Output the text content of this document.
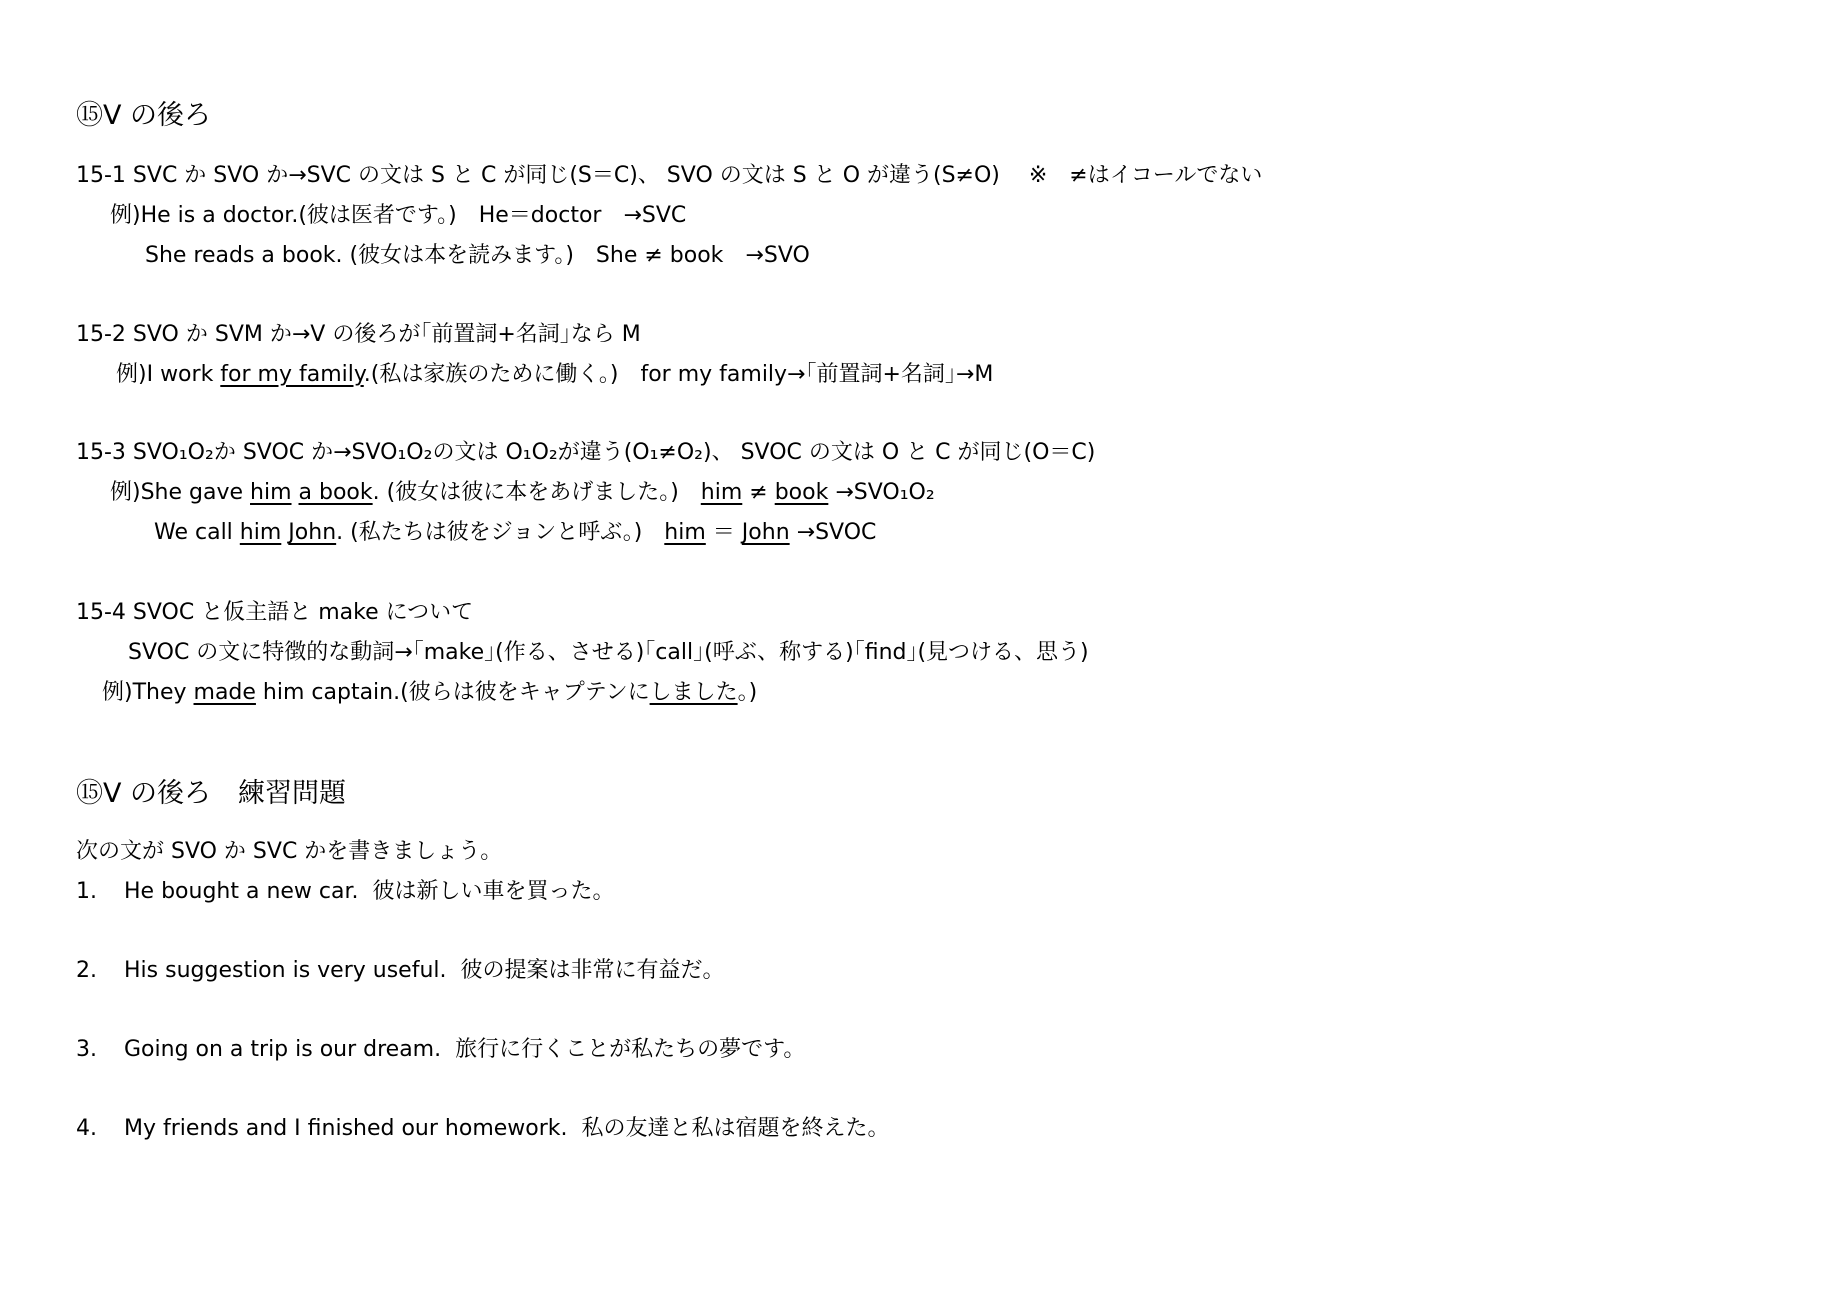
⑮V の後ろ
15-1 SVC か SVO か→SVC の文は S と C が同じ(S＝C)、 SVO の文は S と O が違う(S≠O)　 ※　≠はイコールでない
例)He is a doctor.(彼は医者です。)　He＝doctor　→SVC
She reads a book. (彼女は本を読みます。)　She ≠ book　→SVO
15-2 SVO か SVM か→V の後ろが｢前置詞+名詞｣なら M
例)I work for my family.(私は家族のために働く。)　for my family→｢前置詞+名詞｣→M
15-3 SVO₁O₂か SVOC か→SVO₁O₂の文は O₁O₂が違う(O₁≠O₂)、 SVOC の文は O と C が同じ(O＝C)
例)She gave him a book. (彼女は彼に本をあげました。)　him ≠ book →SVO₁O₂
We call him John. (私たちは彼をジョンと呼ぶ。)　him ＝ John →SVOC
15-4 SVOC と仮主語と make について
SVOC の文に特徴的な動詞→｢make｣(作る、させる)｢call｣(呼ぶ、称する)｢find｣(見つける、思う)
例)They made him captain.(彼らは彼をキャプテンにしました。)
⑮V の後ろ　練習問題
次の文が SVO か SVC かを書きましょう。
1. He bought a new car.  彼は新しい車を買った。
2. His suggestion is very useful.  彼の提案は非常に有益だ。
3. Going on a trip is our dream.  旅行に行くことが私たちの夢です。
4. My friends and I finished our homework.  私の友達と私は宿題を終えた。
